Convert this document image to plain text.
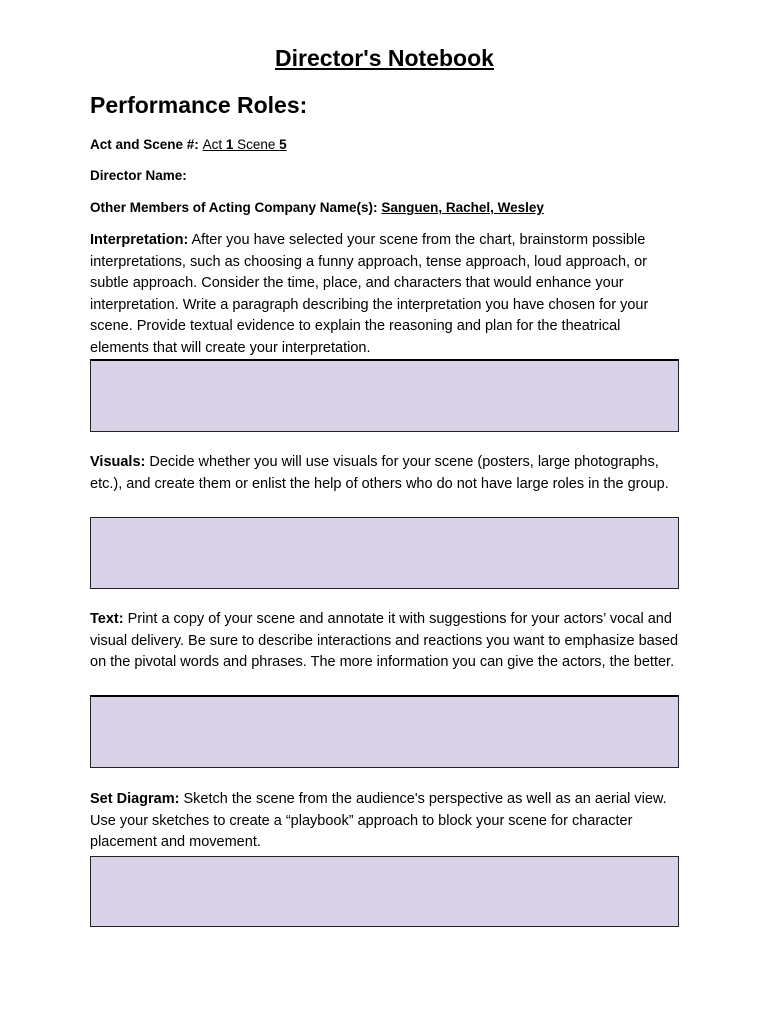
Director's Notebook
Performance Roles:
Act and Scene #: Act 1 Scene 5
Director Name:
Other Members of Acting Company Name(s): Sanguen, Rachel, Wesley
Interpretation: After you have selected your scene from the chart, brainstorm possible interpretations, such as choosing a funny approach, tense approach, loud approach, or subtle approach. Consider the time, place, and characters that would enhance your interpretation. Write a paragraph describing the interpretation you have chosen for your scene. Provide textual evidence to explain the reasoning and plan for the theatrical elements that will create your interpretation.
Visuals: Decide whether you will use visuals for your scene (posters, large photographs, etc.), and create them or enlist the help of others who do not have large roles in the group.
Text: Print a copy of your scene and annotate it with suggestions for your actors’ vocal and visual delivery. Be sure to describe interactions and reactions you want to emphasize based on the pivotal words and phrases. The more information you can give the actors, the better.
Set Diagram: Sketch the scene from the audience's perspective as well as an aerial view. Use your sketches to create a “playbook” approach to block your scene for character placement and movement.
